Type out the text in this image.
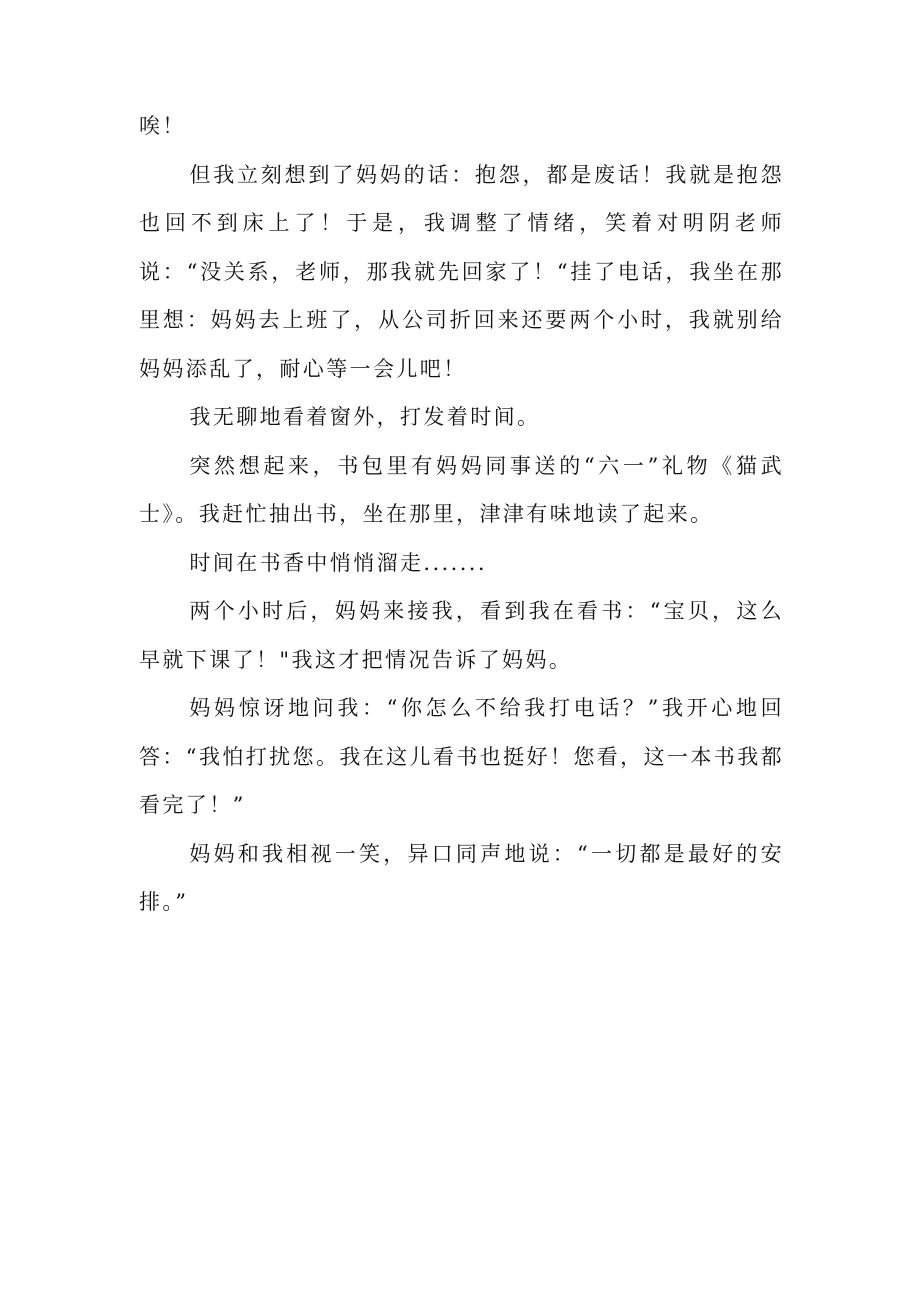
唉！

但我立刻想到了妈妈的话：抱怨，都是废话！我就是抱怨也回不到床上了！于是，我调整了情绪，笑着对明阴老师说：“没关系，老师，那我就先回家了！“挂了电话，我坐在那里想：妈妈去上班了，从公司折回来还要两个小时，我就别给妈妈添乱了，耐心等一会儿吧！

我无聊地看着窗外，打发着时间。

突然想起来，书包里有妈妈同事送的“六一”礼物《猫武士》。我赶忙抽出书，坐在那里，津津有味地读了起来。

时间在书香中悄悄溜走.......

两个小时后，妈妈来接我，看到我在看书：“宝贝，这么早就下课了！"我这才把情况告诉了妈妈。

妈妈惊讶地问我：“你怎么不给我打电话？”我开心地回答：“我怕打扰您。我在这儿看书也挺好！您看，这一本书我都看完了！”

妈妈和我相视一笑，异口同声地说：“一切都是最好的安排。”
